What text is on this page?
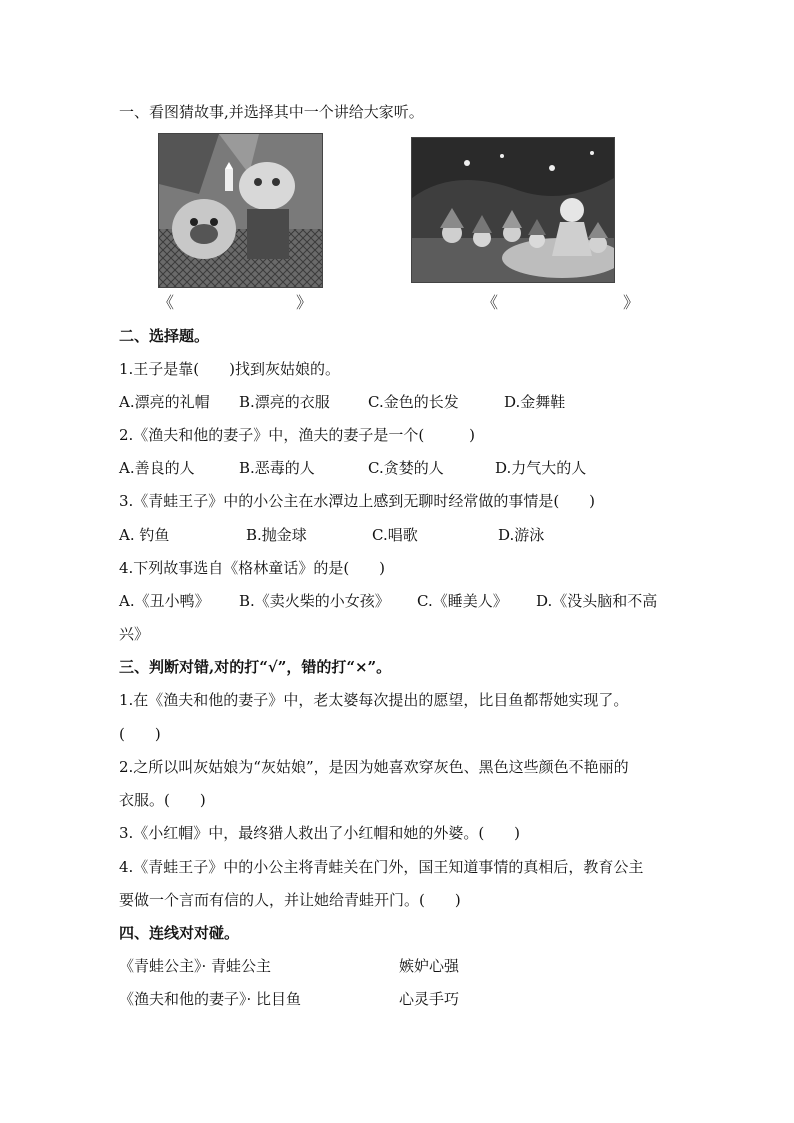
一、看图猜故事,并选择其中一个讲给大家听。
《	》	《	》
二、选择题。
1.王子是靠(　　)找到灰姑娘的。
A.漂亮的礼帽 B.漂亮的衣服	C.金色的长发	D.金舞鞋
2.《渔夫和他的妻子》中，渔夫的妻子是一个(　　　)
A.善良的人	B.恶毒的人	C.贪婪的人	D.力气大的人
3.《青蛙王子》中的小公主在水潭边上感到无聊时经常做的事情是(　　)
A. 钓鱼	B.抛金球	C.唱歌	D.游泳
4.下列故事选自《格林童话》的是(　　)
A.《丑小鸭》 B.《卖火柴的小女孩》 C.《睡美人》 D.《没头脑和不高
兴》
三、判断对错,对的打“√”，错的打“×”。
1.在《渔夫和他的妻子》中，老太婆每次提出的愿望，比目鱼都帮她实现了。
(　　)
2.之所以叫灰姑娘为“灰姑娘”，是因为她喜欢穿灰色、黑色这些颜色不艳丽的
衣服。(　　)
3.《小红帽》中，最终猎人救出了小红帽和她的外婆。(　　)
4.《青蛙王子》中的小公主将青蛙关在门外，国王知道事情的真相后，教育公主
要做一个言而有信的人，并让她给青蛙开门。(　　)
四、连线对对碰。
《青蛙公主》· 青蛙公主	嫉妒心强
《渔夫和他的妻子》· 比目鱼	心灵手巧
